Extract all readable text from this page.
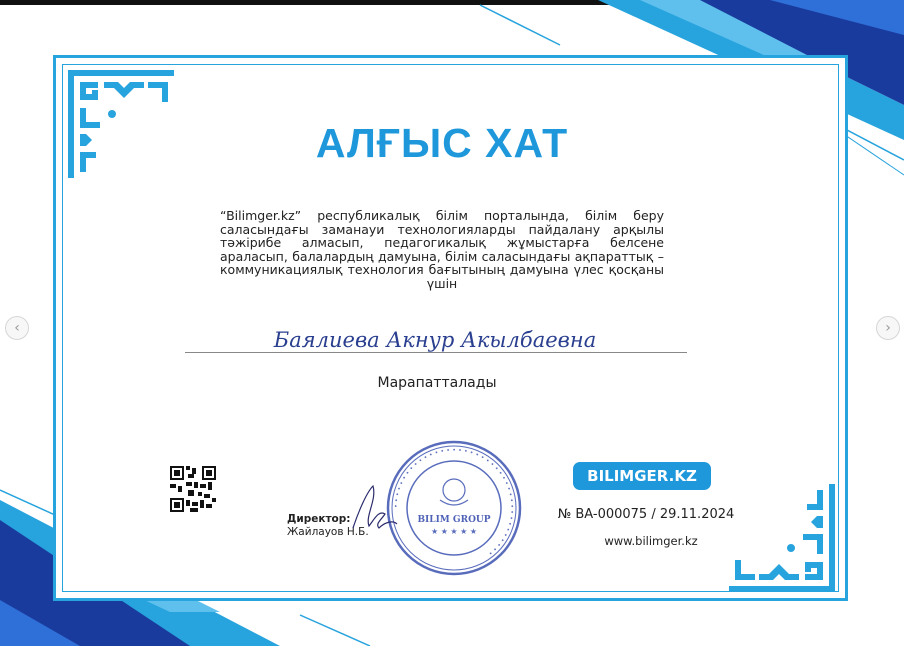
АЛҒЫС ХАТ
“Bilimger.kz” республикалық білім порталында, білім беру саласындағы заманауи технологияларды пайдалану арқылы тәжірибе алмасып, педагогикалық жұмыстарға белсене араласып, балалардың дамуына, білім саласындағы ақпараттық – коммуникациялық технология бағытының дамуына үлес қосқаны үшін
Баялиева Акнур Акылбаевна
Марапатталады
Директор:
Жайлауов Н.Б.
• • • • • • • • • • • • • • • • • • • • • • • • • • • • • • • • • • • • • • • •
BILIM GROUP
★ ★ ★ ★ ★
BILIMGER.KZ
№ BA-000075 / 29.11.2024
www.bilimger.kz
‹	›
